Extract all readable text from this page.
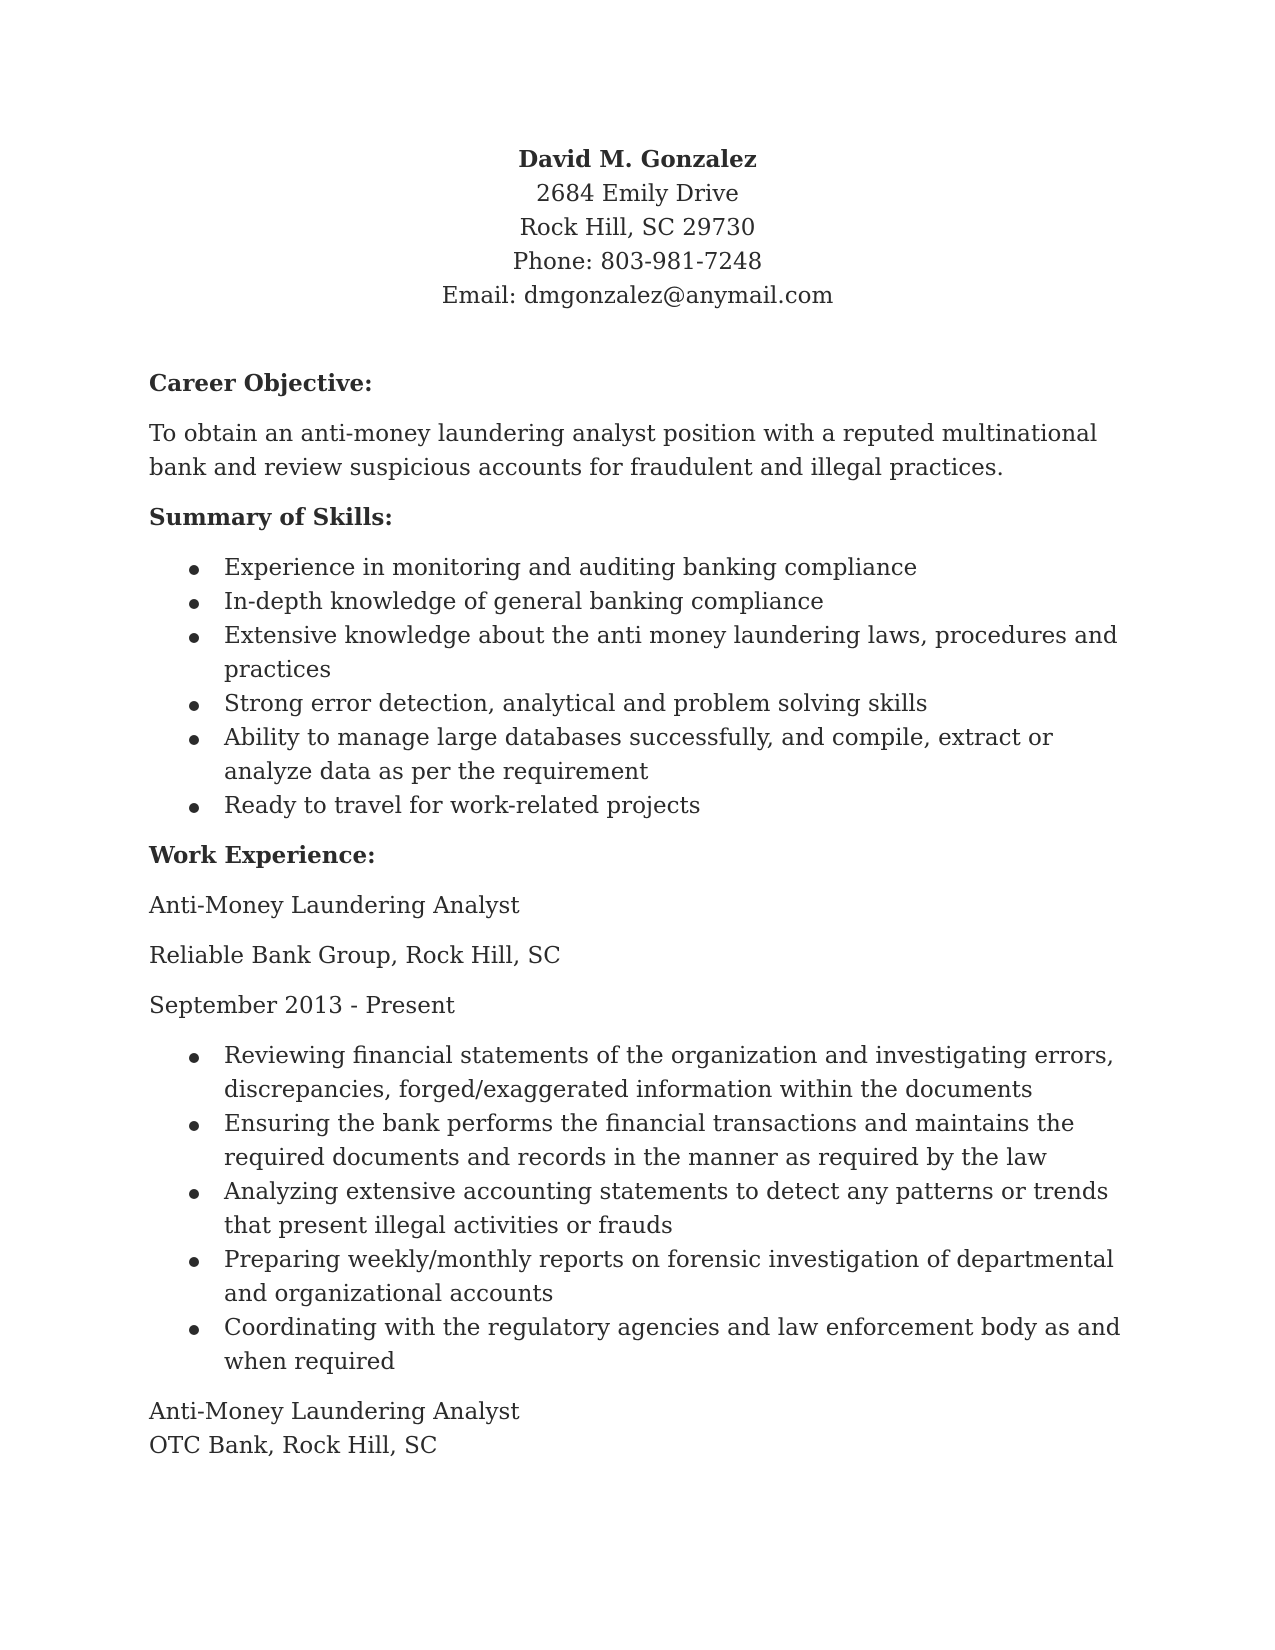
David M. Gonzalez
2684 Emily Drive
Rock Hill, SC 29730
Phone: 803-981-7248
Email: dmgonzalez@anymail.com
Career Objective:
To obtain an anti-money laundering analyst position with a reputed multinational bank and review suspicious accounts for fraudulent and illegal practices.
Summary of Skills:
Experience in monitoring and auditing banking compliance
In-depth knowledge of general banking compliance
Extensive knowledge about the anti money laundering laws, procedures and practices
Strong error detection, analytical and problem solving skills
Ability to manage large databases successfully, and compile, extract or analyze data as per the requirement
Ready to travel for work-related projects
Work Experience:
Anti-Money Laundering Analyst
Reliable Bank Group, Rock Hill, SC
September 2013 - Present
Reviewing financial statements of the organization and investigating errors, discrepancies, forged/exaggerated information within the documents
Ensuring the bank performs the financial transactions and maintains the required documents and records in the manner as required by the law
Analyzing extensive accounting statements to detect any patterns or trends that present illegal activities or frauds
Preparing weekly/monthly reports on forensic investigation of departmental and organizational accounts
Coordinating with the regulatory agencies and law enforcement body as and when required
Anti-Money Laundering Analyst
OTC Bank, Rock Hill, SC
